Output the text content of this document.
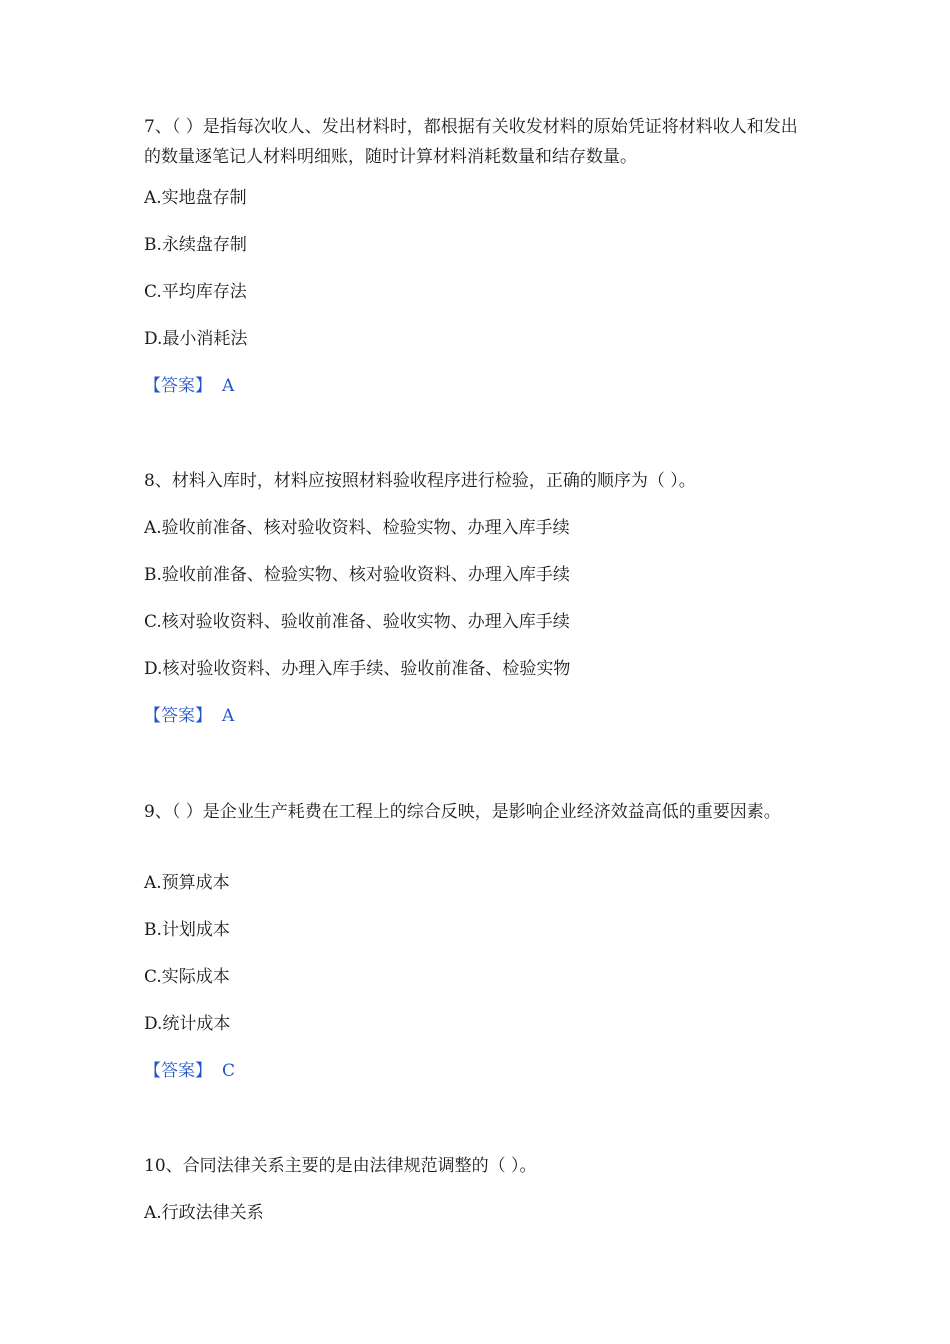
7、（ ）是指每次收人、发出材料时，都根据有关收发材料的原始凭证将材料收人和发出的数量逐笔记人材料明细账，随时计算材料消耗数量和结存数量。
A.实地盘存制
B.永续盘存制
C.平均库存法
D.最小消耗法
【答案】 A
8、材料入库时，材料应按照材料验收程序进行检验，正确的顺序为（ ）。
A.验收前准备、核对验收资料、检验实物、办理入库手续
B.验收前准备、检验实物、核对验收资料、办理入库手续
C.核对验收资料、验收前准备、验收实物、办理入库手续
D.核对验收资料、办理入库手续、验收前准备、检验实物
【答案】 A
9、（ ）是企业生产耗费在工程上的综合反映，是影响企业经济效益高低的重要因素。
A.预算成本
B.计划成本
C.实际成本
D.统计成本
【答案】 C
10、合同法律关系主要的是由法律规范调整的（ ）。
A.行政法律关系
